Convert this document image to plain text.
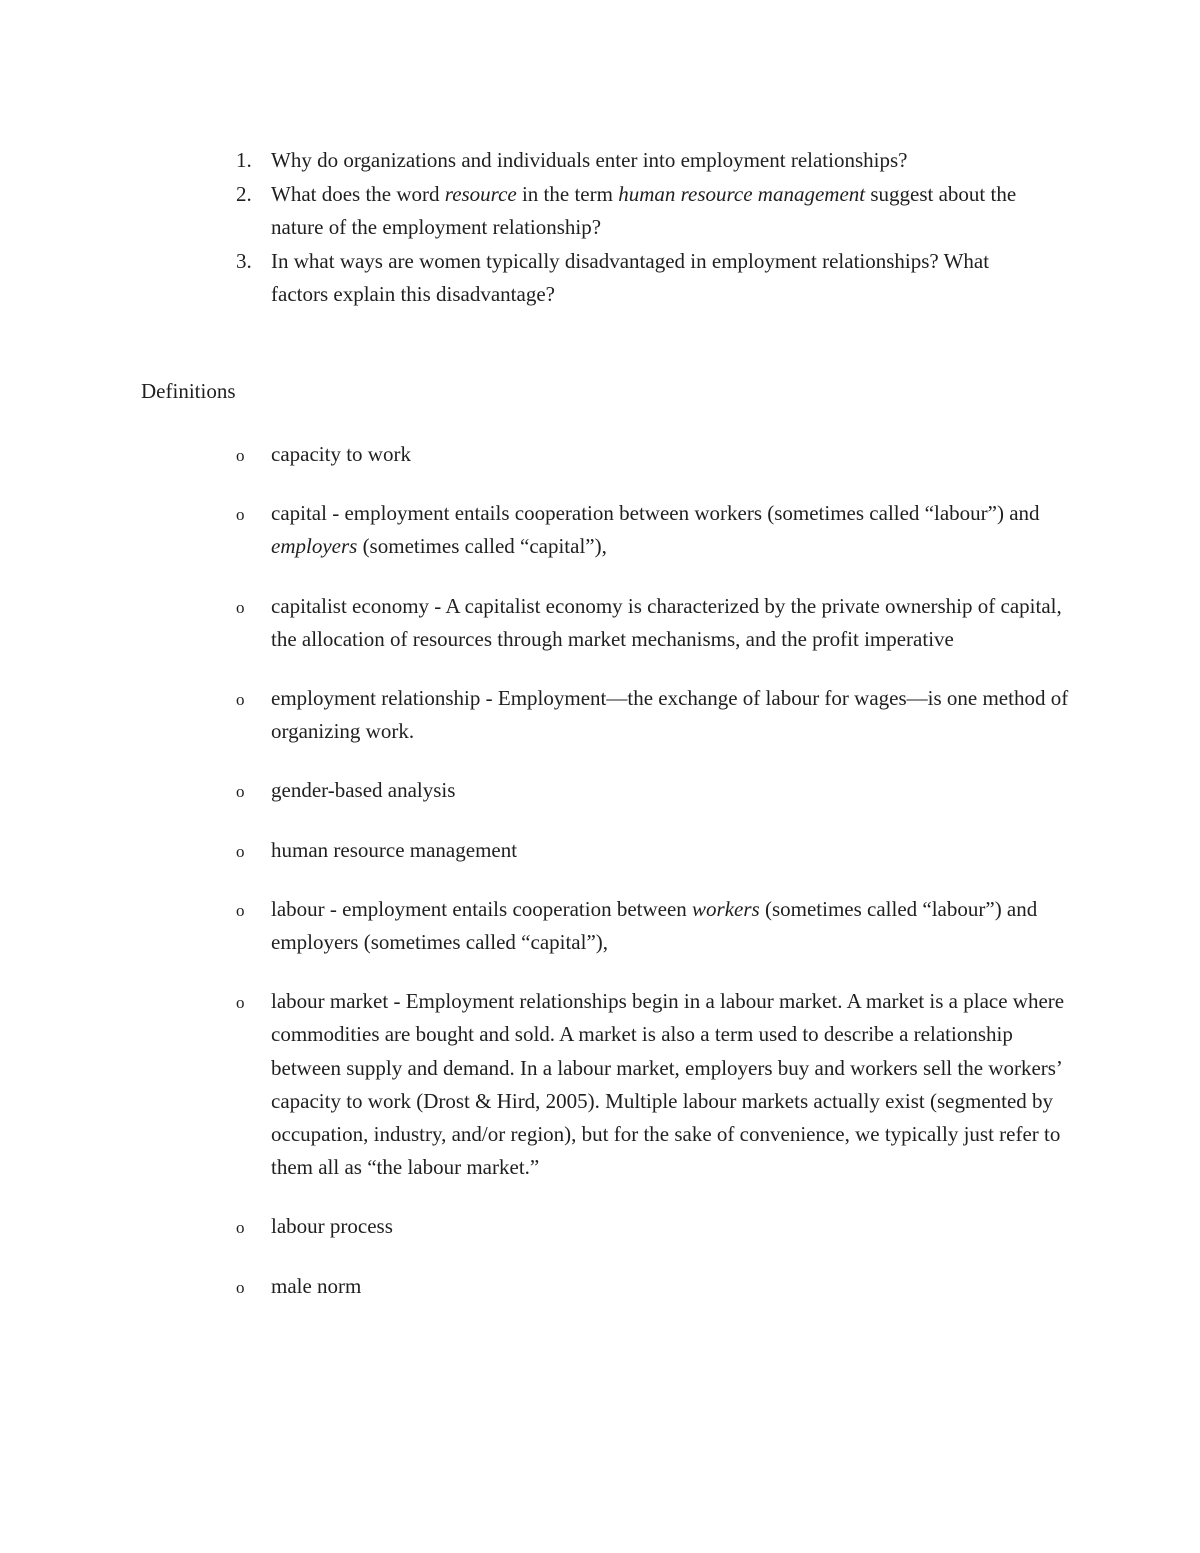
1. Why do organizations and individuals enter into employment relationships?
2. What does the word resource in the term human resource management suggest about the nature of the employment relationship?
3. In what ways are women typically disadvantaged in employment relationships? What factors explain this disadvantage?
Definitions
o capacity to work
o capital - employment entails cooperation between workers (sometimes called “labour”) and employers (sometimes called “capital”),
o capitalist economy - A capitalist economy is characterized by the private ownership of capital, the allocation of resources through market mechanisms, and the profit imperative
o employment relationship - Employment—the exchange of labour for wages—is one method of organizing work.
o gender-based analysis
o human resource management
o labour - employment entails cooperation between workers (sometimes called “labour”) and employers (sometimes called “capital”),
o labour market - Employment relationships begin in a labour market. A market is a place where commodities are bought and sold. A market is also a term used to describe a relationship between supply and demand. In a labour market, employers buy and workers sell the workers’ capacity to work (Drost & Hird, 2005). Multiple labour markets actually exist (segmented by occupation, industry, and/or region), but for the sake of convenience, we typically just refer to them all as “the labour market.”
o labour process
o male norm
